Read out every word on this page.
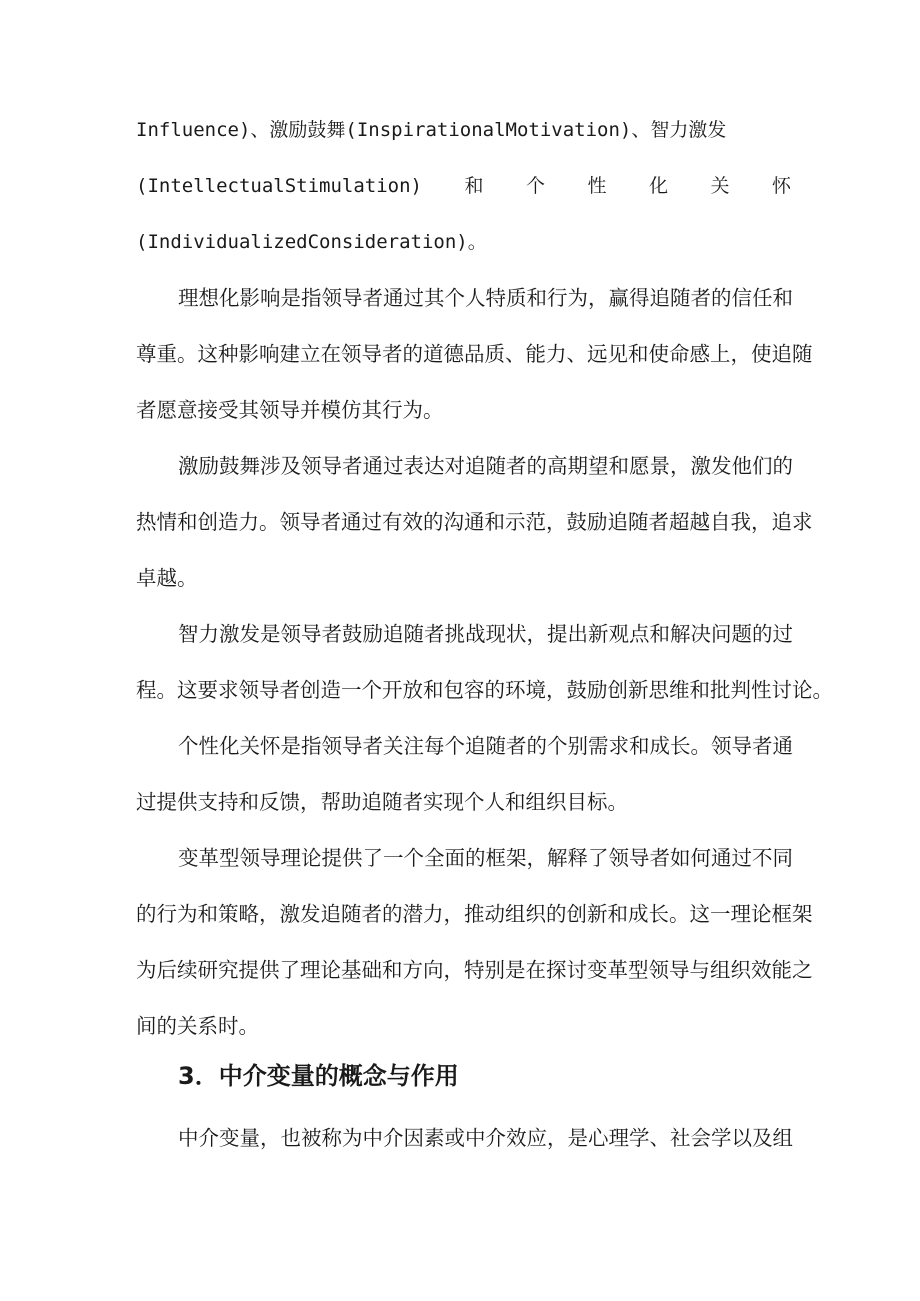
Influence)、激励鼓舞(InspirationalMotivation)、智力激发

(IntellectualStimulation) 和 个 性 化 关 怀

(IndividualizedConsideration)。

理想化影响是指领导者通过其个人特质和行为，赢得追随者的信任和

尊重。这种影响建立在领导者的道德品质、能力、远见和使命感上，使追随

者愿意接受其领导并模仿其行为。

激励鼓舞涉及领导者通过表达对追随者的高期望和愿景，激发他们的

热情和创造力。领导者通过有效的沟通和示范，鼓励追随者超越自我，追求

卓越。

智力激发是领导者鼓励追随者挑战现状，提出新观点和解决问题的过

程。这要求领导者创造一个开放和包容的环境，鼓励创新思维和批判性讨论。

个性化关怀是指领导者关注每个追随者的个别需求和成长。领导者通

过提供支持和反馈，帮助追随者实现个人和组织目标。

变革型领导理论提供了一个全面的框架，解释了领导者如何通过不同

的行为和策略，激发追随者的潜力，推动组织的创新和成长。这一理论框架

为后续研究提供了理论基础和方向，特别是在探讨变革型领导与组织效能之

间的关系时。

3．中介变量的概念与作用

中介变量，也被称为中介因素或中介效应，是心理学、社会学以及组
